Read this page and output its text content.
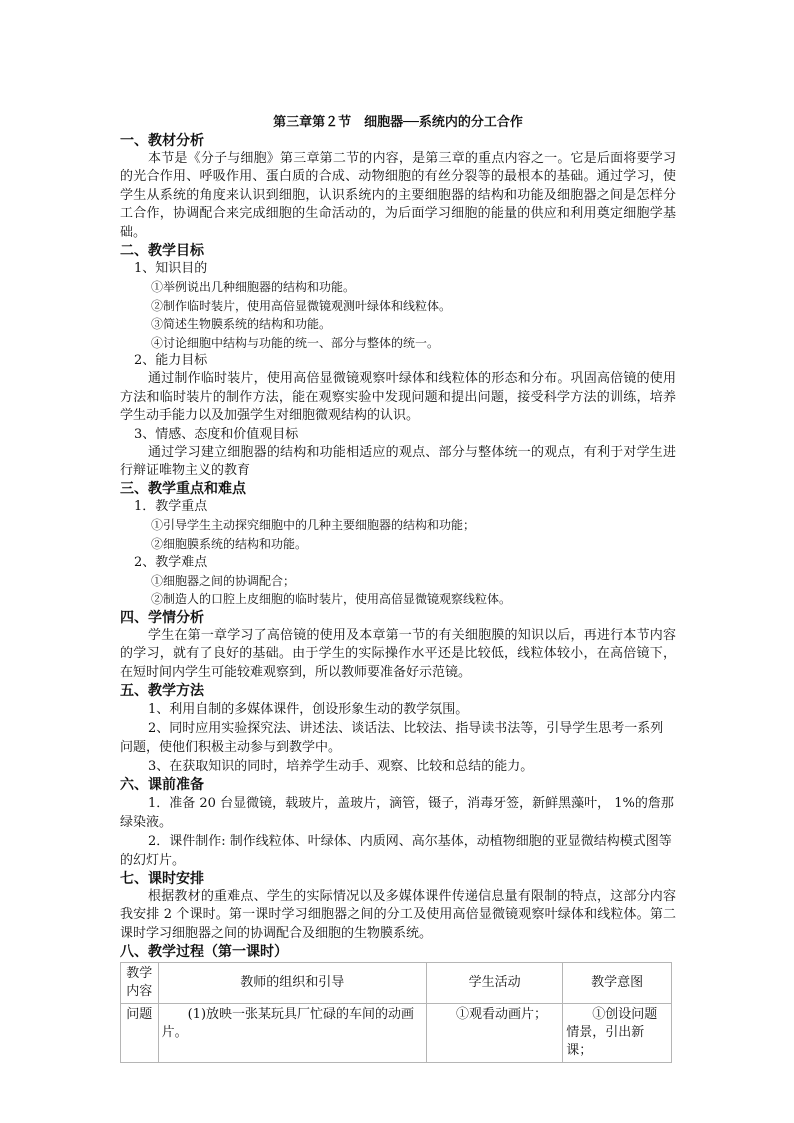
第三章第２节　细胞器──系统内的分工合作
一、教材分析
本节是《分子与细胞》第三章第二节的内容，是第三章的重点内容之一。它是后面将要学习的光合作用、呼吸作用、蛋白质的合成、动物细胞的有丝分裂等的最根本的基础。通过学习，使学生从系统的角度来认识到细胞，认识系统内的主要细胞器的结构和功能及细胞器之间是怎样分工合作，协调配合来完成细胞的生命活动的，为后面学习细胞的能量的供应和利用奠定细胞学基础。
二、教学目标
1、知识目的
①举例说出几种细胞器的结构和功能。
②制作临时装片，使用高倍显微镜观测叶绿体和线粒体。
③简述生物膜系统的结构和功能。
④讨论细胞中结构与功能的统一、部分与整体的统一。
2、能力目标
通过制作临时装片，使用高倍显微镜观察叶绿体和线粒体的形态和分布。巩固高倍镜的使用方法和临时装片的制作方法，能在观察实验中发现问题和提出问题，接受科学方法的训练，培养学生动手能力以及加强学生对细胞微观结构的认识。
3、情感、态度和价值观目标
通过学习建立细胞器的结构和功能相适应的观点、部分与整体统一的观点，有利于对学生进行辩证唯物主义的教育
三、教学重点和难点
1．教学重点
①引导学生主动探究细胞中的几种主要细胞器的结构和功能；
②细胞膜系统的结构和功能。
2、教学难点
①细胞器之间的协调配合；
②制造人的口腔上皮细胞的临时装片，使用高倍显微镜观察线粒体。
四、学情分析
学生在第一章学习了高倍镜的使用及本章第一节的有关细胞膜的知识以后，再进行本节内容的学习，就有了良好的基础。由于学生的实际操作水平还是比较低，线粒体较小，在高倍镜下，在短时间内学生可能较难观察到，所以教师要准备好示范镜。
五、教学方法
1、利用自制的多媒体课件，创设形象生动的教学氛围。
2、同时应用实验探究法、讲述法、谈话法、比较法、指导读书法等，引导学生思考一系列问题，使他们积极主动参与到教学中。
3、在获取知识的同时，培养学生动手、观察、比较和总结的能力。
六、课前准备
1．准备 20 台显微镜，载玻片，盖玻片，滴管，镊子，消毒牙签，新鲜黑藻叶， 1%的詹那绿染液。
2．课件制作: 制作线粒体、叶绿体、内质网、高尔基体，动植物细胞的亚显微结构模式图等的幻灯片。
七、课时安排
根据教材的重难点、学生的实际情况以及多媒体课件传递信息量有限制的特点，这部分内容我安排 2 个课时。第一课时学习细胞器之间的分工及使用高倍显微镜观察叶绿体和线粒体。第二课时学习细胞器之间的协调配合及细胞的生物膜系统。
八、教学过程（第一课时）
教学内容	教师的组织和引导	学生活动	教学意图
问题	(1)放映一张某玩具厂忙碌的车间的动画片。	①观看动画片；	①创设问题情景，引出新课；
